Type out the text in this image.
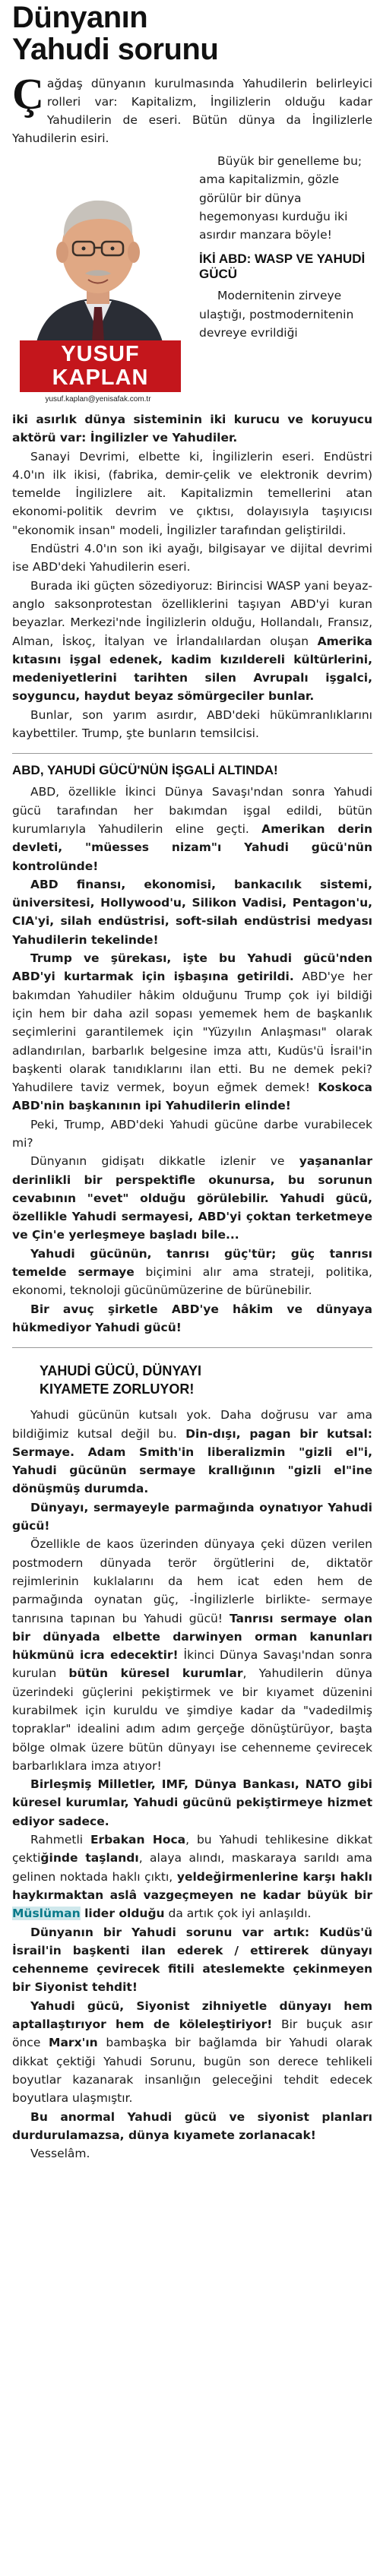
Dünyanın
Yahudi sorunu

Çağdaş dünyanın kurulmasında Yahudilerin belirleyici rolleri var: Kapitalizm, İngilizlerin olduğu kadar Yahudilerin de eseri. Bütün dünya da İngilizlerle Yahudilerin esiri.

YUSUF
KAPLAN
yusuf.kaplan@yenisafak.com.tr

Büyük bir genelleme bu; ama kapitalizmin, gözle görülür bir dünya hegemonyası kurduğu iki asırdır manzara böyle!

İKİ ABD: WASP VE YAHUDİ GÜCÜ

Modernitenin zirveye ulaştığı, postmodernitenin devreye evrildiği

iki asırlık dünya sisteminin iki kurucu ve koruyucu aktörü var: İngilizler ve Yahudiler.

Sanayi Devrimi, elbette ki, İngilizlerin eseri. Endüstri 4.0'ın ilk ikisi, (fabrika, demir-çelik ve elektronik devrim) temelde İngilizlere ait. Kapitalizmin temellerini atan ekonomi-politik devrim ve çıktısı, dolayısıyla taşıyıcısı "ekonomik insan" modeli, İngilizler tarafından geliştirildi.

Endüstri 4.0'ın son iki ayağı, bilgisayar ve dijital devrimi ise ABD'deki Yahudilerin eseri.

Burada iki güçten sözediyoruz: Birincisi WASP yani beyaz-anglo saksonprotestan özelliklerini taşıyan ABD'yi kuran beyazlar. Merkezi'nde İngilizlerin olduğu, Hollandalı, Fransız, Alman, İskoç, İtalyan ve İrlandalılardan oluşan Amerika kıtasını işgal edenek, kadim kızıldereli kültürlerini, medeniyetlerini tarihten silen Avrupalı işgalci, soyguncu, haydut beyaz sömürgeciler bunlar.

Bunlar, son yarım asırdır, ABD'deki hükümranlıklarını kaybettiler. Trump, şte bunların temsilcisi.

ABD, YAHUDİ GÜCÜ'NÜN İŞGALİ ALTINDA!

ABD, özellikle İkinci Dünya Savaşı'ndan sonra Yahudi gücü tarafından her bakımdan işgal edildi, bütün kurumlarıyla Yahudilerin eline geçti. Amerikan derin devleti, "müesses nizam"ı Yahudi gücü'nün kontrolünde!

ABD finansı, ekonomisi, bankacılık sistemi, üniversitesi, Hollywood'u, Silikon Vadisi, Pentagon'u, CIA'yi, silah endüstrisi, soft-silah endüstrisi medyası Yahudilerin tekelinde!

Trump ve şürekası, işte bu Yahudi gücü'nden ABD'yi kurtarmak için işbaşına getirildi. ABD'ye her bakımdan Yahudiler hâkim olduğunu Trump çok iyi bildiği için hem bir daha azil sopası yememek hem de başkanlık seçimlerini garantilemek için "Yüzyılın Anlaşması" olarak adlandırılan, barbarlık belgesine imza attı, Kudüs'ü İsrail'in başkenti olarak tanıdıklarını ilan etti. Bu ne demek peki? Yahudilere taviz vermek, boyun eğmek demek! Koskoca ABD'nin başkanının ipi Yahudilerin elinde!

Peki, Trump, ABD'deki Yahudi gücüne darbe vurabilecek mi?

Dünyanın gidişatı dikkatle izlenir ve yaşananlar derinlikli bir perspektifle okunursa, bu sorunun cevabının "evet" olduğu görülebilir. Yahudi gücü, özellikle Yahudi sermayesi, ABD'yi çoktan terketmeye ve Çin'e yerleşmeye başladı bile...

Yahudi gücünün, tanrısı güç'tür; güç tanrısı temelde sermaye biçimini alır ama strateji, politika, ekonomi, teknoloji gücünümüzerine de bürünebilir.

Bir avuç şirketle ABD'ye hâkim ve dünyaya hükmediyor Yahudi gücü!

YAHUDİ GÜCÜ, DÜNYAYI
KIYAMETE ZORLUYOR!

Yahudi gücünün kutsalı yok. Daha doğrusu var ama bildiğimiz kutsal değil bu. Din-dışı, pagan bir kutsal: Sermaye. Adam Smith'in liberalizmin "gizli el"i, Yahudi gücünün sermaye krallığının "gizli el"ine dönüşmüş durumda.

Dünyayı, sermayeyle parmağında oynatıyor Yahudi gücü!

Özellikle de kaos üzerinden dünyaya çeki düzen verilen postmodern dünyada terör örgütlerini de, diktatör rejimlerinin kuklalarını da hem icat eden hem de parmağında oynatan güç, -İngilizlerle birlikte- sermaye tanrısına tapınan bu Yahudi gücü! Tanrısı sermaye olan bir dünyada elbette darwinyen orman kanunları hükmünü icra edecektir! İkinci Dünya Savaşı'ndan sonra kurulan bütün küresel kurumlar, Yahudilerin dünya üzerindeki güçlerini pekiştirmek ve bir kıyamet düzenini kurabilmek için kuruldu ve şimdiye kadar da "vadedilmiş topraklar" idealini adım adım gerçeğe dönüştürüyor, başta bölge olmak üzere bütün dünyayı ise cehenneme çevirecek barbarlıklara imza atıyor!

Birleşmiş Milletler, IMF, Dünya Bankası, NATO gibi küresel kurumlar, Yahudi gücünü pekiştirmeye hizmet ediyor sadece.

Rahmetli Erbakan Hoca, bu Yahudi tehlikesine dikkat çektiğinde taşlandı, alaya alındı, maskaraya sarıldı ama gelinen noktada haklı çıktı, yeldeğirmenlerine karşı haklı haykırmaktan aslâ vazgeçmeyen ne kadar büyük bir Müslüman lider olduğu da artık çok iyi anlaşıldı.

Dünyanın bir Yahudi sorunu var artık: Kudüs'ü İsrail'in başkenti ilan ederek / ettirerek dünyayı cehenneme çevirecek fitili ateslemekte çekinmeyen bir Siyonist tehdit!

Yahudi gücü, Siyonist zihniyetle dünyayı hem aptallaştırıyor hem de köleleştiriyor! Bir buçuk asır önce Marx'ın bambaşka bir bağlamda bir Yahudi olarak dikkat çektiği Yahudi Sorunu, bugün son derece tehlikeli boyutlar kazanarak insanlığın geleceğini tehdit edecek boyutlara ulaşmıştır.

Bu anormal Yahudi gücü ve siyonist planları durdurulamazsa, dünya kıyamete zorlanacak!

Vesselâm.
